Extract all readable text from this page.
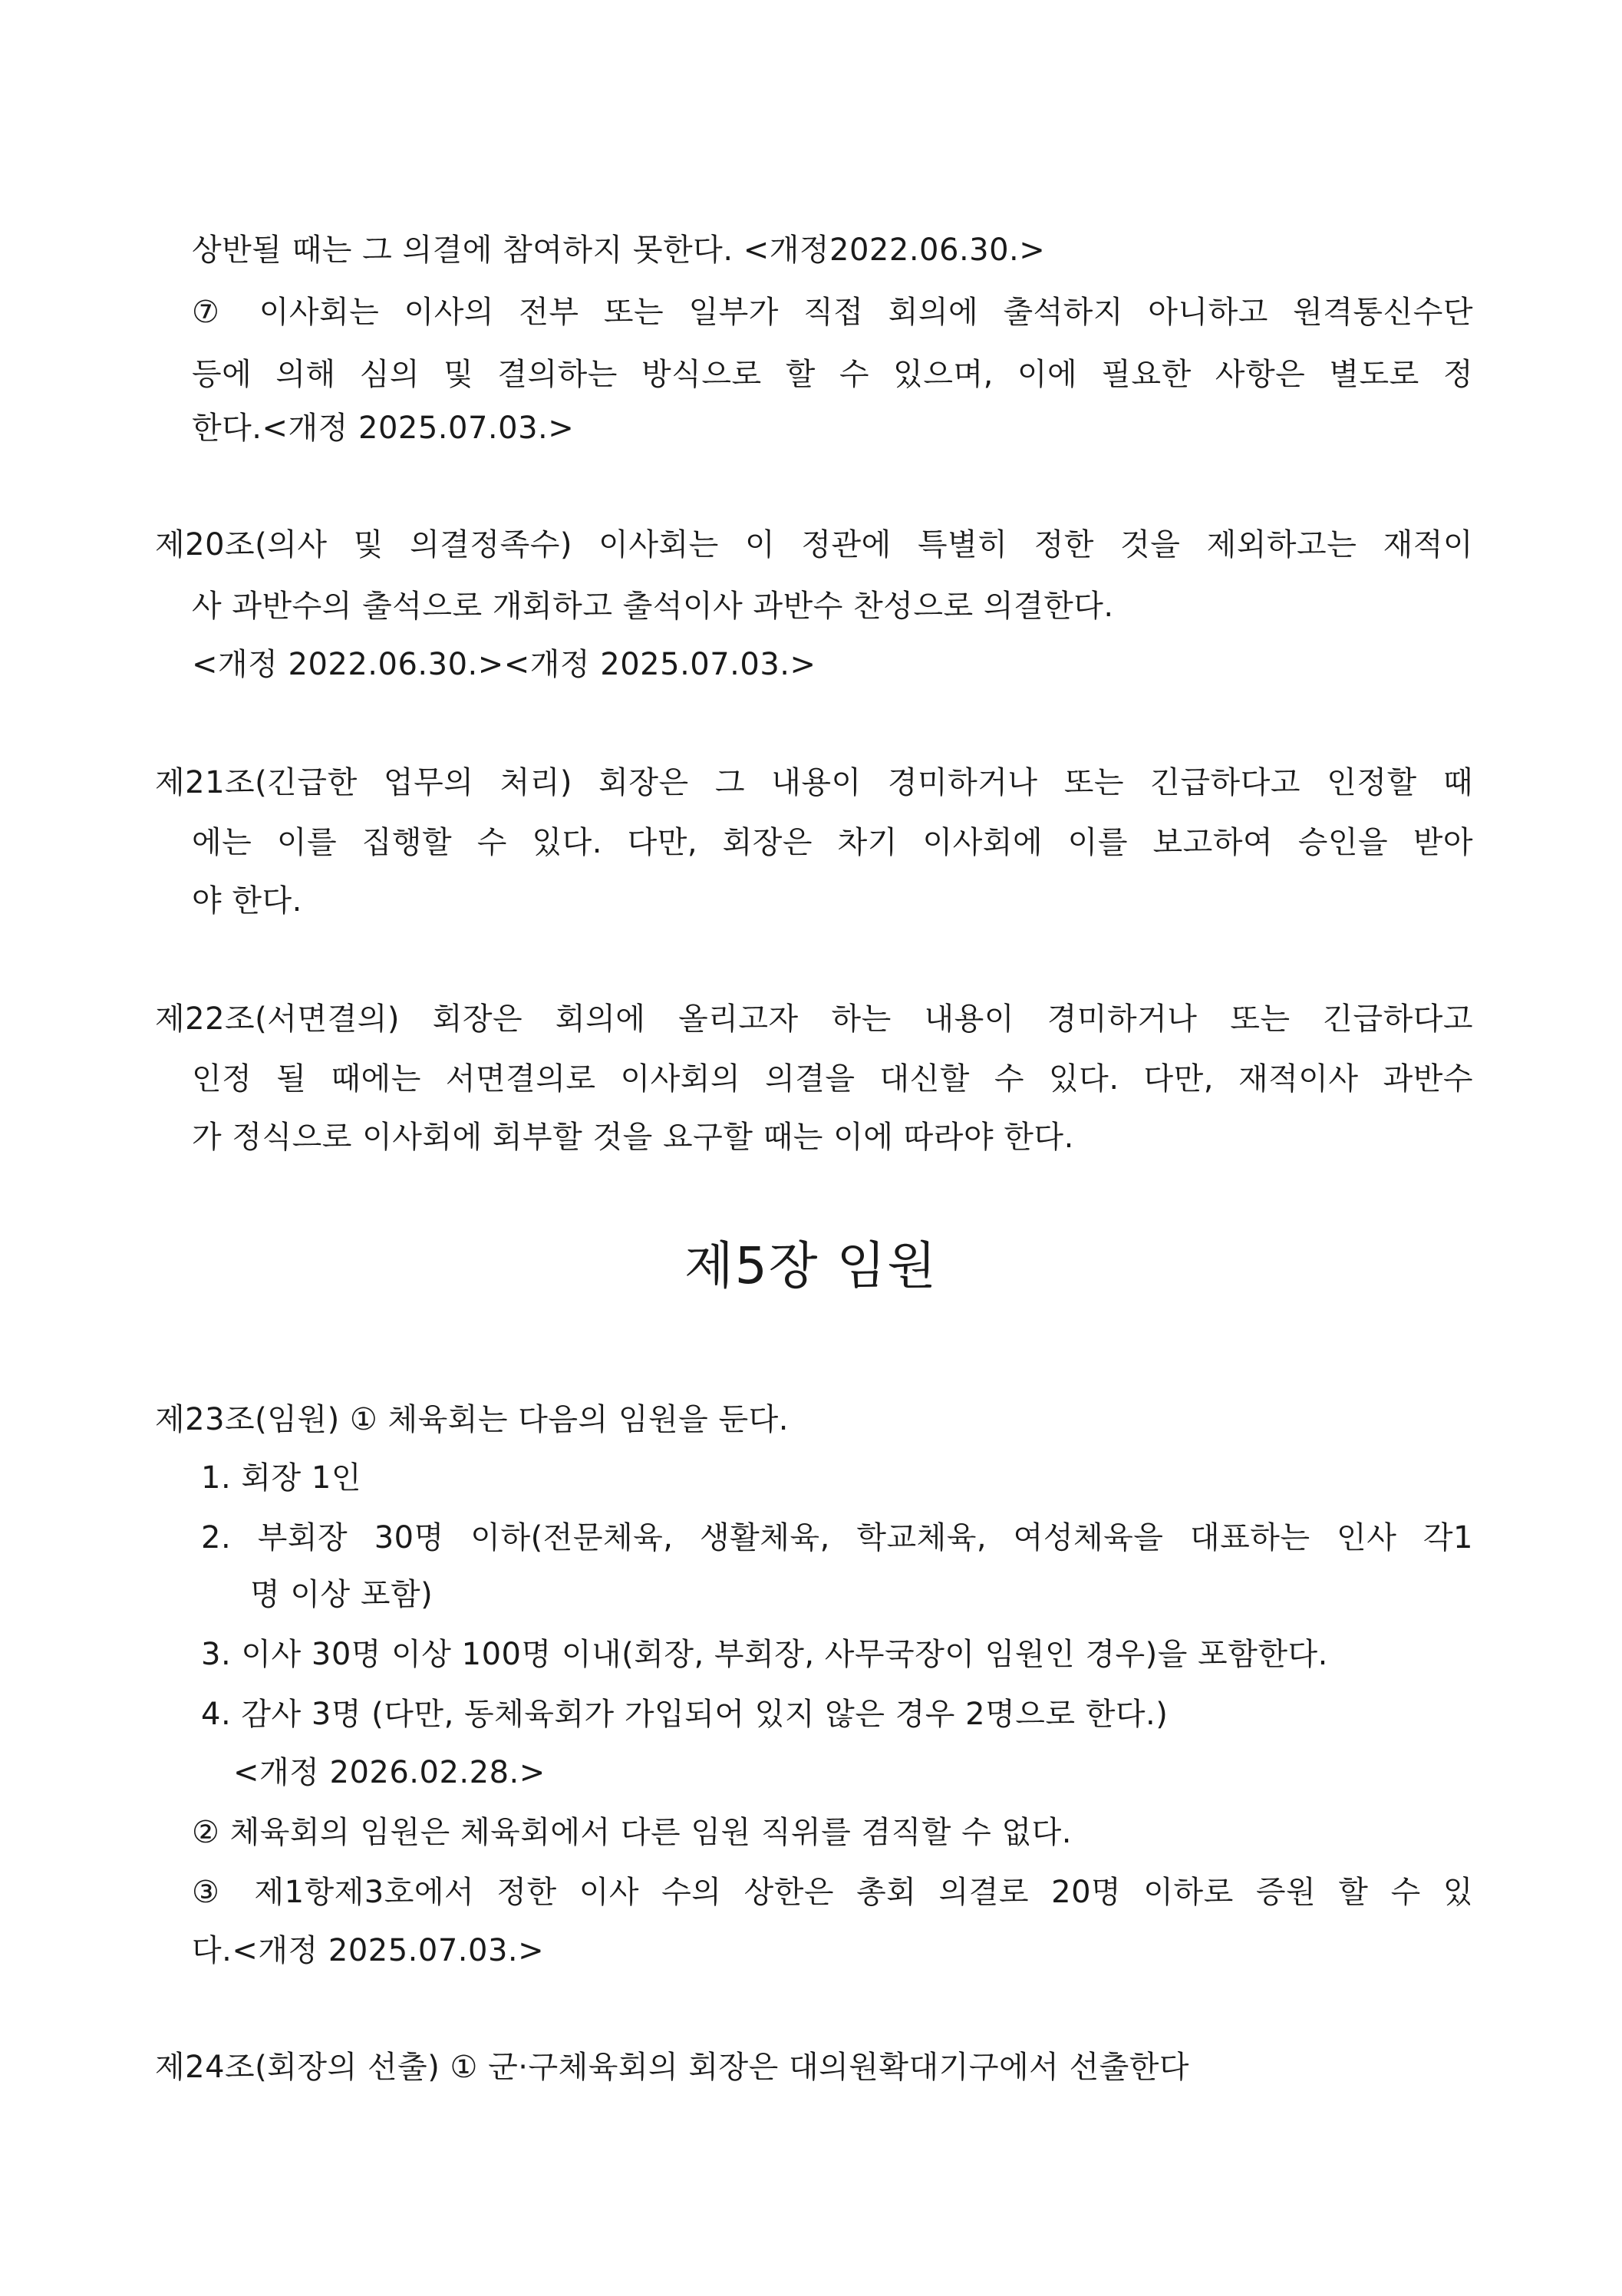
상반될 때는 그 의결에 참여하지 못한다. <개정2022.06.30.>
⑦ 이사회는 이사의 전부 또는 일부가 직접 회의에 출석하지 아니하고 원격통신수단
등에 의해 심의 및 결의하는 방식으로 할 수 있으며, 이에 필요한 사항은 별도로 정
한다.<개정 2025.07.03.>
제20조(의사 및 의결정족수) 이사회는 이 정관에 특별히 정한 것을 제외하고는 재적이
사 과반수의 출석으로 개회하고 출석이사 과반수 찬성으로 의결한다.
<개정 2022.06.30.><개정 2025.07.03.>
제21조(긴급한 업무의 처리) 회장은 그 내용이 경미하거나 또는 긴급하다고 인정할 때
에는 이를 집행할 수 있다. 다만, 회장은 차기 이사회에 이를 보고하여 승인을 받아
야 한다.
제22조(서면결의) 회장은 회의에 올리고자 하는 내용이 경미하거나 또는 긴급하다고
인정 될 때에는 서면결의로 이사회의 의결을 대신할 수 있다. 다만, 재적이사 과반수
가 정식으로 이사회에 회부할 것을 요구할 때는 이에 따라야 한다.
제5장 임원
제23조(임원) ① 체육회는 다음의 임원을 둔다.
1. 회장 1인
2. 부회장 30명 이하(전문체육, 생활체육, 학교체육, 여성체육을 대표하는 인사 각1
명 이상 포함)
3. 이사 30명 이상 100명 이내(회장, 부회장, 사무국장이 임원인 경우)을 포함한다.
4. 감사 3명 (다만, 동체육회가 가입되어 있지 않은 경우 2명으로 한다.)
<개정 2026.02.28.>
② 체육회의 임원은 체육회에서 다른 임원 직위를 겸직할 수 없다.
③ 제1항제3호에서 정한 이사 수의 상한은 총회 의결로 20명 이하로 증원 할 수 있
다.<개정 2025.07.03.>
제24조(회장의 선출) ① 군·구체육회의 회장은 대의원확대기구에서 선출한다
